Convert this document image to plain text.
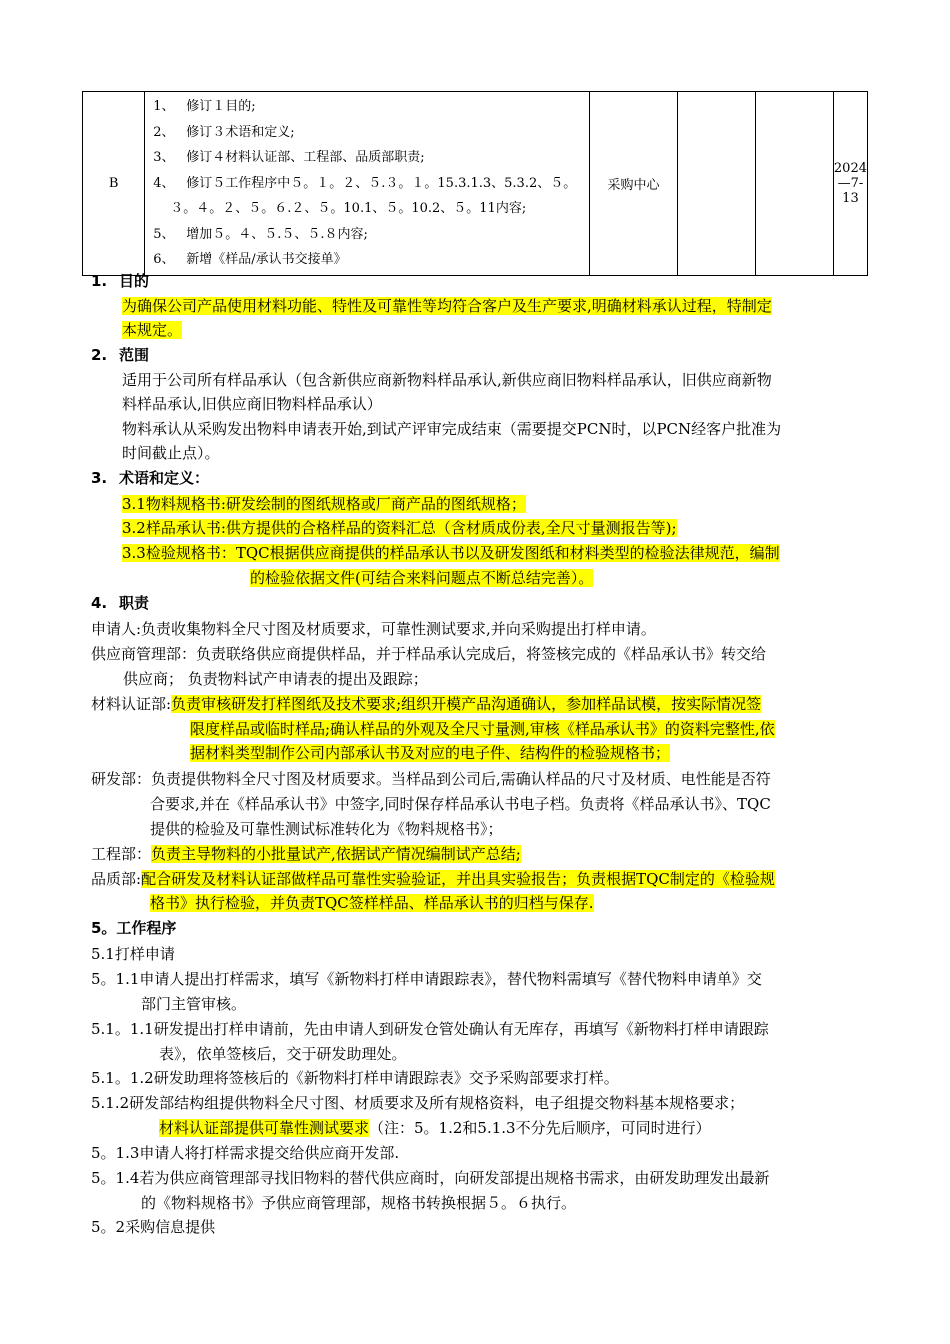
B	
1、 修订１目的;
2、 修订３术语和定义;
3、 修订４材料认证部、工程部、品质部职责;
4、 修订５工作程序中５。１。２、５.３。１。15.3.1.3、5.3.2、５。
３。４。２、５。６.２、５。10.1、５。10.2、５。11内容;
5、 增加５。４、５.５、５.８内容;
6、 新增《样品/承认书交接单》
	采购中心			2024—7-13
1. 目的
为确保公司产品使用材料功能、特性及可靠性等均符合客户及生产要求,明确材料承认过程，特制定
本规定。
2. 范围
适用于公司所有样品承认（包含新供应商新物料样品承认,新供应商旧物料样品承认，旧供应商新物
料样品承认,旧供应商旧物料样品承认）
物料承认从采购发出物料申请表开始,到试产评审完成结束（需要提交PCN时，以PCN经客户批准为
时间截止点）。
3. 术语和定义：
3.1物料规格书:研发绘制的图纸规格或厂商产品的图纸规格；
3.2样品承认书:供方提供的合格样品的资料汇总（含材质成份表,全尺寸量测报告等);
3.3检验规格书：TQC根据供应商提供的样品承认书以及研发图纸和材料类型的检验法律规范，编制
的检验依据文件(可结合来料问题点不断总结完善）。
4. 职责
申请人:负责收集物料全尺寸图及材质要求，可靠性测试要求,并向采购提出打样申请。
供应商管理部：负责联络供应商提供样品，并于样品承认完成后，将签核完成的《样品承认书》转交给
供应商； 负责物料试产申请表的提出及跟踪；
材料认证部:负责审核研发打样图纸及技术要求;组织开模产品沟通确认，参加样品试模，按实际情况签
限度样品或临时样品;确认样品的外观及全尺寸量测,审核《样品承认书》的资料完整性,依
据材料类型制作公司内部承认书及对应的电子件、结构件的检验规格书；
研发部：负责提供物料全尺寸图及材质要求。当样品到公司后,需确认样品的尺寸及材质、电性能是否符
合要求,并在《样品承认书》中签字,同时保存样品承认书电子档。负责将《样品承认书》、TQC
提供的检验及可靠性测试标准转化为《物料规格书》；
工程部：负责主导物料的小批量试产,依据试产情况编制试产总结;
品质部:配合研发及材料认证部做样品可靠性实验验证，并出具实验报告；负责根据TQC制定的《检验规
格书》执行检验，并负责TQC签样样品、样品承认书的归档与保存.
5。工作程序
5.1打样申请
5。1.1申请人提出打样需求，填写《新物料打样申请跟踪表》，替代物料需填写《替代物料申请单》交
部门主管审核。
5.1。1.1研发提出打样申请前，先由申请人到研发仓管处确认有无库存，再填写《新物料打样申请跟踪
表》，依单签核后，交于研发助理处。
5.1。1.2研发助理将签核后的《新物料打样申请跟踪表》交予采购部要求打样。
5.1.2研发部结构组提供物料全尺寸图、材质要求及所有规格资料，电子组提交物料基本规格要求；
材料认证部提供可靠性测试要求（注：5。1.2和5.1.3不分先后顺序，可同时进行）
5。1.3申请人将打样需求提交给供应商开发部.
5。1.4若为供应商管理部寻找旧物料的替代供应商时，向研发部提出规格书需求，由研发助理发出最新
的《物料规格书》予供应商管理部，规格书转换根据５。６执行。
5。2采购信息提供
